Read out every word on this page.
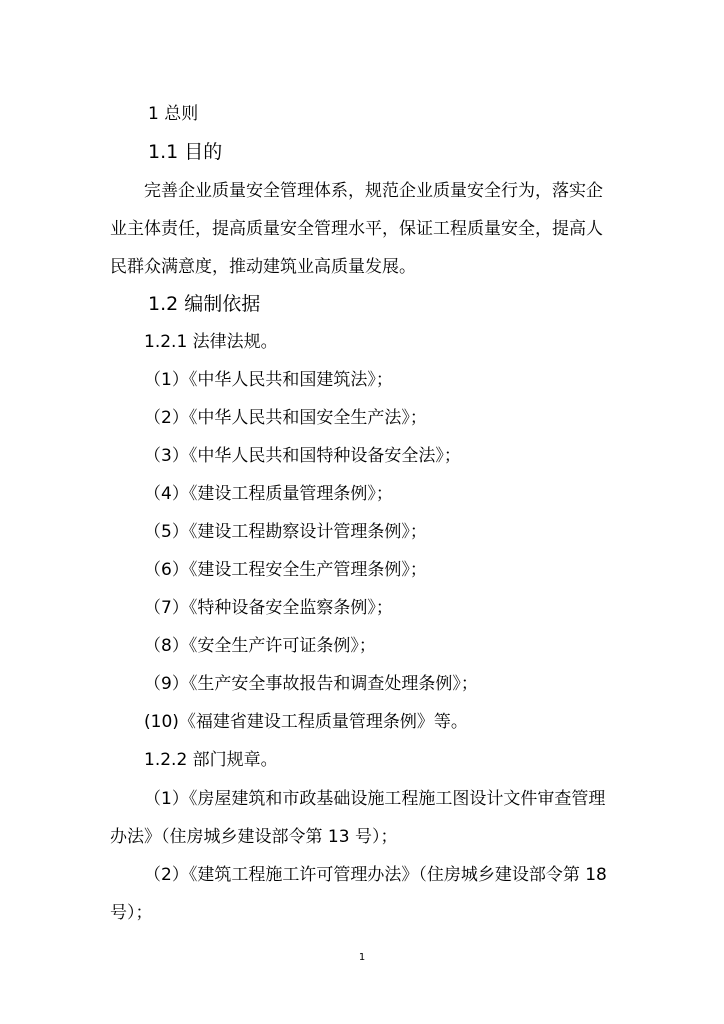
1 总则
1.1 目的
完善企业质量安全管理体系，规范企业质量安全行为，落实企
业主体责任，提高质量安全管理水平，保证工程质量安全，提高人
民群众满意度，推动建筑业高质量发展。
1.2 编制依据
1.2.1 法律法规。
（1）《中华人民共和国建筑法》；
（2）《中华人民共和国安全生产法》；
（3）《中华人民共和国特种设备安全法》；
（4）《建设工程质量管理条例》；
（5）《建设工程勘察设计管理条例》；
（6）《建设工程安全生产管理条例》；
（7）《特种设备安全监察条例》；
（8）《安全生产许可证条例》；
（9）《生产安全事故报告和调查处理条例》；
(10)《福建省建设工程质量管理条例》等。
1.2.2 部门规章。
（1）《房屋建筑和市政基础设施工程施工图设计文件审查管理
办法》（住房城乡建设部令第 13 号）；
（2）《建筑工程施工许可管理办法》（住房城乡建设部令第 18
号）；
1
